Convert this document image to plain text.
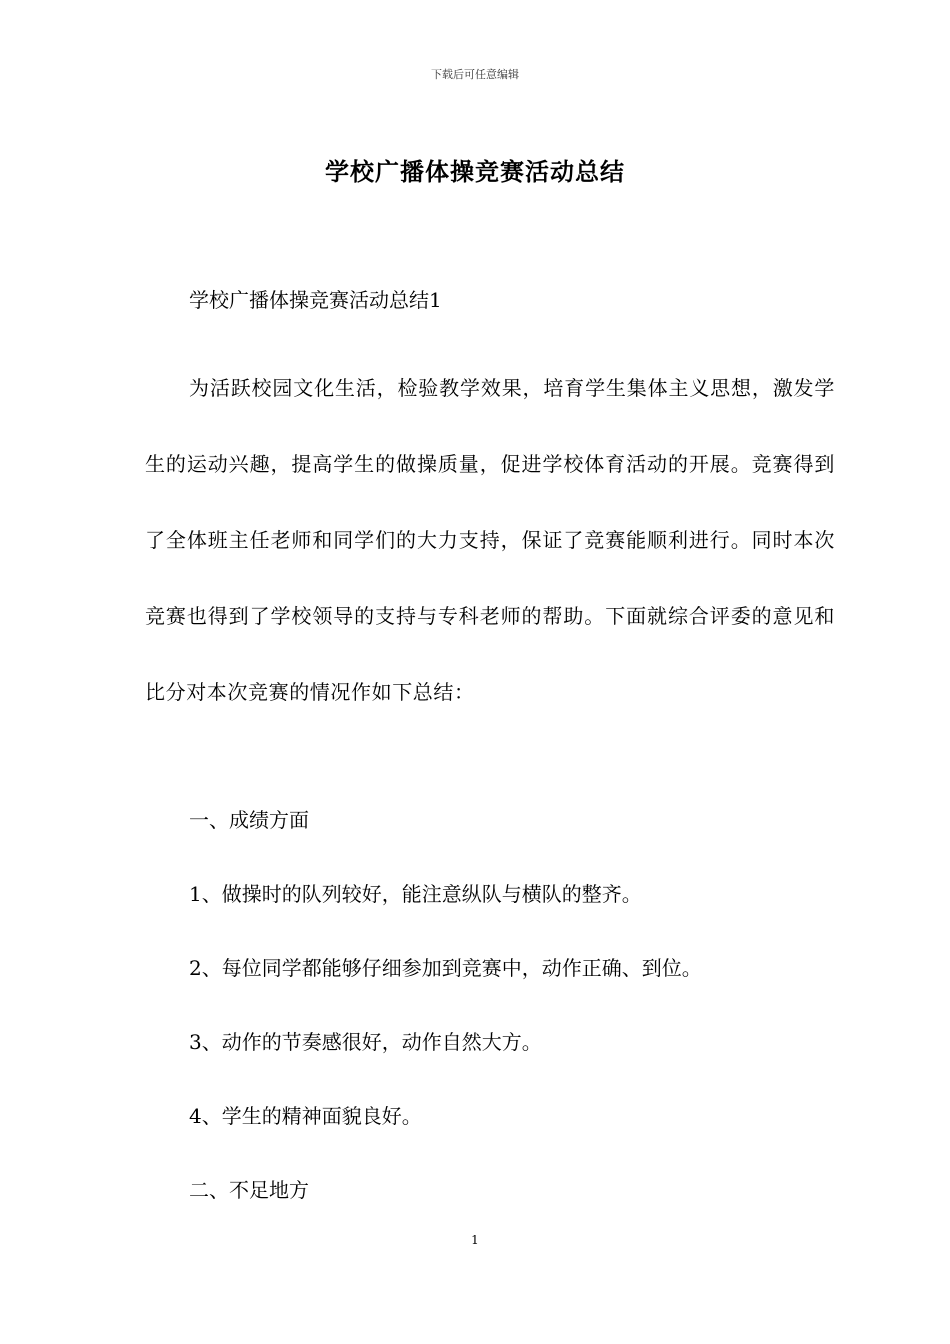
下载后可任意编辑
学校广播体操竞赛活动总结
学校广播体操竞赛活动总结1
为活跃校园文化生活，检验教学效果，培育学生集体主义思想，激发学生的运动兴趣，提高学生的做操质量，促进学校体育活动的开展。竞赛得到了全体班主任老师和同学们的大力支持，保证了竞赛能顺利进行。同时本次竞赛也得到了学校领导的支持与专科老师的帮助。下面就综合评委的意见和比分对本次竞赛的情况作如下总结：
一、成绩方面
1、做操时的队列较好，能注意纵队与横队的整齐。
2、每位同学都能够仔细参加到竞赛中，动作正确、到位。
3、动作的节奏感很好，动作自然大方。
4、学生的精神面貌良好。
二、不足地方
1
